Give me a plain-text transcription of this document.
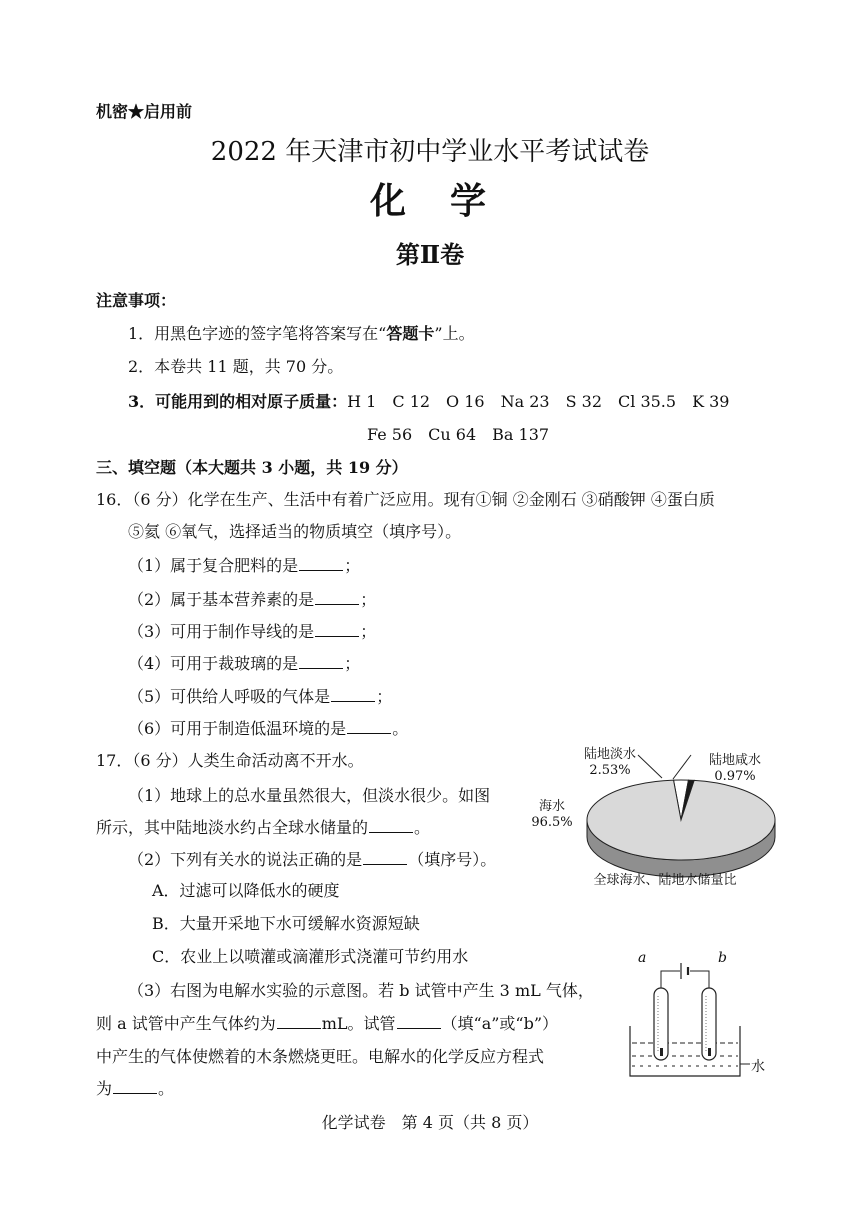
机密★启用前
2022 年天津市初中学业水平考试试卷
化　学
第Ⅱ卷
注意事项：
1．用黑色字迹的签字笔将答案写在“答题卡”上。
2．本卷共 11 题，共 70 分。
3．可能用到的相对原子质量：H 1　C 12　O 16　Na 23　S 32　Cl 35.5　K 39
Fe 56　Cu 64　Ba 137
三、填空题（本大题共 3 小题，共 19 分）
16．（6 分）化学在生产、生活中有着广泛应用。现有①铜 ②金刚石 ③硝酸钾 ④蛋白质
⑤氦 ⑥氧气，选择适当的物质填空（填序号）。
（1）属于复合肥料的是	；
（2）属于基本营养素的是	；
（3）可用于制作导线的是	；
（4）可用于裁玻璃的是	；
（5）可供给人呼吸的气体是	；
（6）可用于制造低温环境的是	。
17．（6 分）人类生命活动离不开水。
（1）地球上的总水量虽然很大，但淡水很少。如图
所示，其中陆地淡水约占全球水储量的	。
（2）下列有关水的说法正确的是	（填序号）。
A．过滤可以降低水的硬度
B．大量开采地下水可缓解水资源短缺
C．农业上以喷灌或滴灌形式浇灌可节约用水
（3）右图为电解水实验的示意图。若 b 试管中产生 3 mL 气体，
则 a 试管中产生气体约为	mL。试管	（填“a”或“b”）
中产生的气体使燃着的木条燃烧更旺。电解水的化学反应方程式
为	。
陆地淡水
2.53%
陆地咸水
0.97%
海水
96.5%
全球海水、陆地水储量比
a	b
水
化学试卷　第 4 页（共 8 页）
